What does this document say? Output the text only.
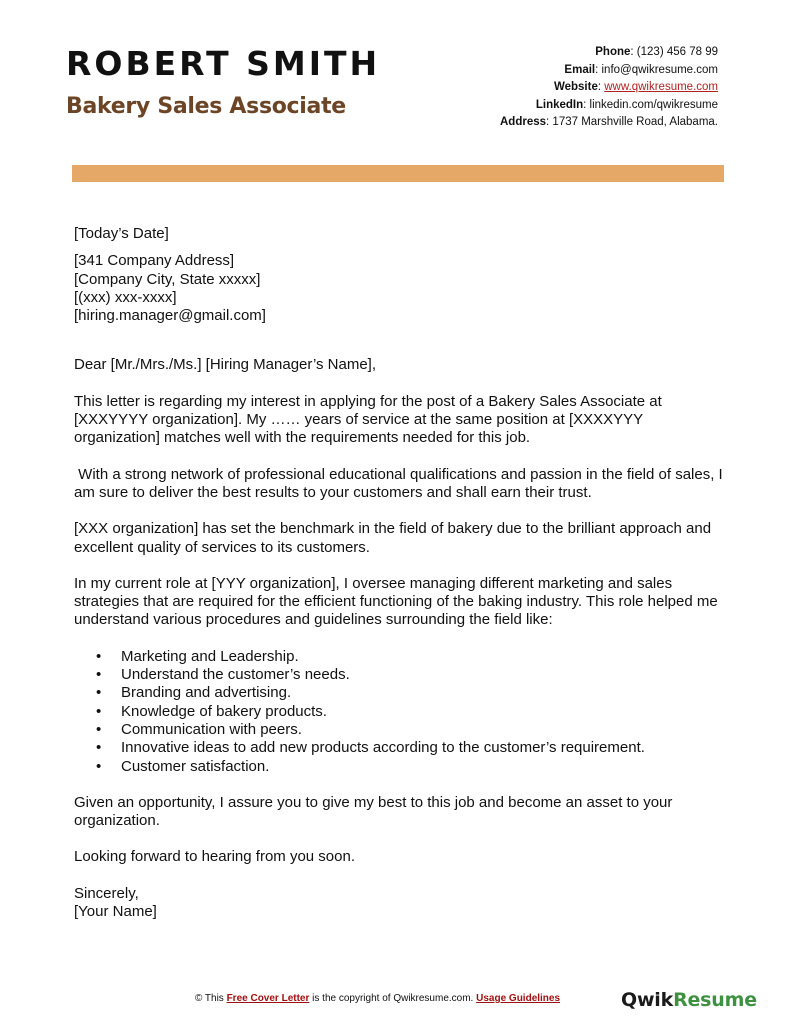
ROBERT SMITH
Bakery Sales Associate
Phone: (123) 456 78 99
Email: info@qwikresume.com
Website: www.qwikresume.com
LinkedIn: linkedin.com/qwikresume
Address: 1737 Marshville Road, Alabama.

[Today’s Date]

[341 Company Address]

[Company City, State xxxxx]

[(xxx) xxx-xxxx]

[hiring.manager@gmail.com]

Dear [Mr./Mrs./Ms.] [Hiring Manager’s Name],

This letter is regarding my interest in applying for the post of a Bakery Sales Associate at [XXXYYYY organization]. My …… years of service at the same position at [XXXXYYY organization] matches well with the requirements needed for this job.

With a strong network of professional educational qualifications and passion in the field of sales, I am sure to deliver the best results to your customers and shall earn their trust.

[XXX organization] has set the benchmark in the field of bakery due to the brilliant approach and excellent quality of services to its customers.

In my current role at [YYY organization], I oversee managing different marketing and sales strategies that are required for the efficient functioning of the baking industry. This role helped me understand various procedures and guidelines surrounding the field like:

• Marketing and Leadership.
• Understand the customer’s needs.
• Branding and advertising.
• Knowledge of bakery products.
• Communication with peers.
• Innovative ideas to add new products according to the customer’s requirement.
• Customer satisfaction.

Given an opportunity, I assure you to give my best to this job and become an asset to your organization.

Looking forward to hearing from you soon.

Sincerely,

[Your Name]

© This Free Cover Letter is the copyright of Qwikresume.com. Usage Guidelines	QwikResume
